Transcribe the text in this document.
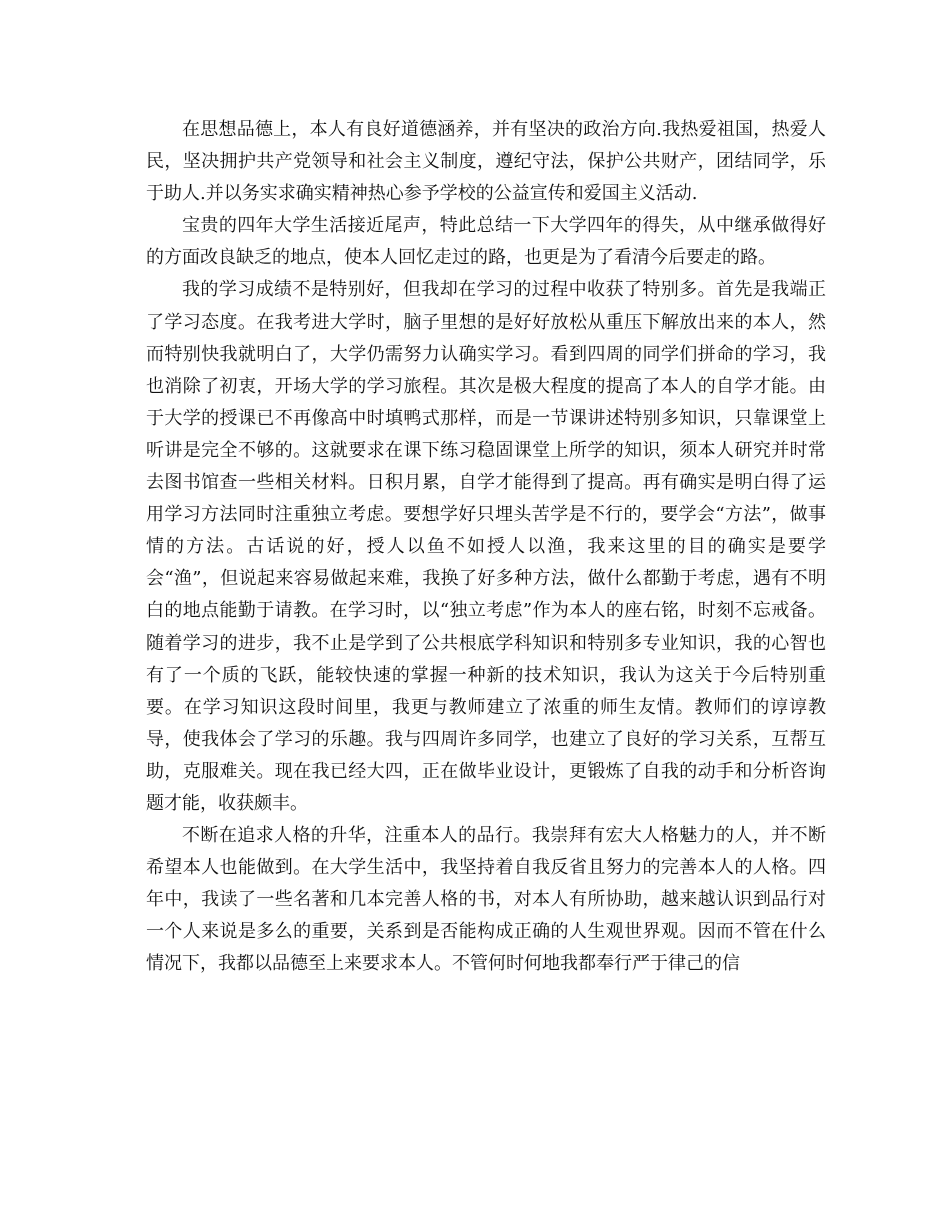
在思想品德上，本人有良好道德涵养，并有坚决的政治方向.我热爱祖国，热爱人民，坚决拥护共产党领导和社会主义制度，遵纪守法，保护公共财产，团结同学，乐于助人.并以务实求确实精神热心参予学校的公益宣传和爱国主义活动.

宝贵的四年大学生活接近尾声，特此总结一下大学四年的得失，从中继承做得好的方面改良缺乏的地点，使本人回忆走过的路，也更是为了看清今后要走的路。

我的学习成绩不是特别好，但我却在学习的过程中收获了特别多。首先是我端正了学习态度。在我考进大学时，脑子里想的是好好放松从重压下解放出来的本人，然而特别快我就明白了，大学仍需努力认确实学习。看到四周的同学们拼命的学习，我也消除了初衷，开场大学的学习旅程。其次是极大程度的提高了本人的自学才能。由于大学的授课已不再像高中时填鸭式那样，而是一节课讲述特别多知识，只靠课堂上听讲是完全不够的。这就要求在课下练习稳固课堂上所学的知识，须本人研究并时常去图书馆查一些相关材料。日积月累，自学才能得到了提高。再有确实是明白得了运用学习方法同时注重独立考虑。要想学好只埋头苦学是不行的，要学会“方法”，做事情的方法。古话说的好，授人以鱼不如授人以渔，我来这里的目的确实是要学会“渔”，但说起来容易做起来难，我换了好多种方法，做什么都勤于考虑，遇有不明白的地点能勤于请教。在学习时，以“独立考虑”作为本人的座右铭，时刻不忘戒备。随着学习的进步，我不止是学到了公共根底学科知识和特别多专业知识，我的心智也有了一个质的飞跃，能较快速的掌握一种新的技术知识，我认为这关于今后特别重要。在学习知识这段时间里，我更与教师建立了浓重的师生友情。教师们的谆谆教导，使我体会了学习的乐趣。我与四周许多同学，也建立了良好的学习关系，互帮互助，克服难关。现在我已经大四，正在做毕业设计，更锻炼了自我的动手和分析咨询题才能，收获颇丰。

不断在追求人格的升华，注重本人的品行。我崇拜有宏大人格魅力的人，并不断希望本人也能做到。在大学生活中，我坚持着自我反省且努力的完善本人的人格。四年中，我读了一些名著和几本完善人格的书，对本人有所协助，越来越认识到品行对一个人来说是多么的重要，关系到是否能构成正确的人生观世界观。因而不管在什么情况下，我都以品德至上来要求本人。不管何时何地我都奉行严于律己的信
